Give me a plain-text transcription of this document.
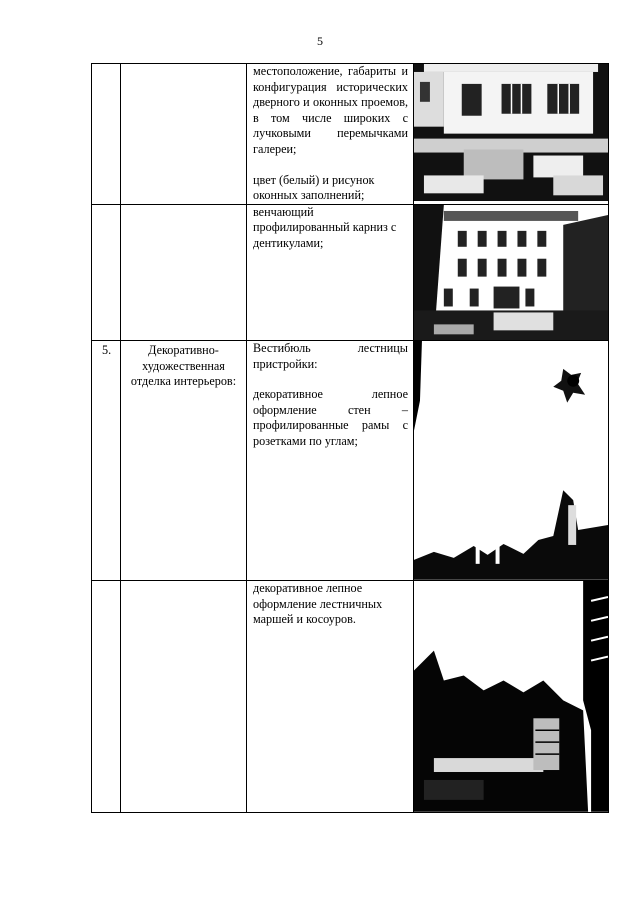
5

		местоположение, габариты и конфигурация исторических дверного и оконных проемов, в том числе широких с лучковыми перемычками галереи;

цвет (белый) и рисунок оконных заполнений;

		венчающий профилированный карниз с дентикулами;

5.	Декоративно-художественная отделка интерьеров:	Вестибюль лестницы пристройки:

декоративное лепное оформление стен – профилированные рамы с розетками по углам;

		декоративное лепное оформление лестничных маршей и косоуров.
